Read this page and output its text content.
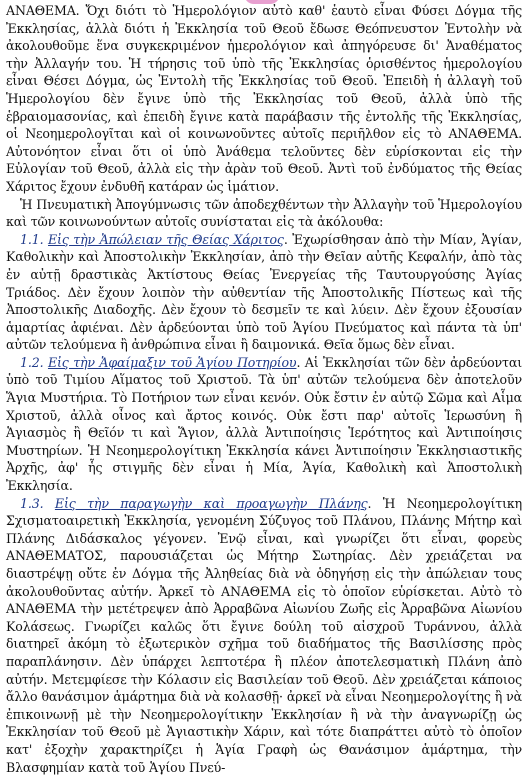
ΑΝΑΘΕΜΑ. Ὄχι διότι τὸ Ἡμερολόγιον αὐτὸ καθ' ἑαυτὸ εἶναι Φύσει Δόγμα τῆς Ἐκκλησίας, ἀλλὰ διότι ἡ Ἐκκλησία τοῦ Θεοῦ ἔδωσε Θεόπνευστον Ἐντολὴν νὰ ἀκολουθοῦμε ἕνα συγκεκριμένον ἡμερολόγιον καὶ ἀπηγόρευσε δι' Ἀναθέματος τὴν Ἀλλαγήν του. Ἡ τήρησις τοῦ ὑπὸ τῆς Ἐκκλησίας ὁρισθέντος ἡμερολογίου εἶναι Θέσει Δόγμα, ὡς Ἐντολὴ τῆς Ἐκκλησίας τοῦ Θεοῦ. Ἐπειδὴ ἡ ἀλλαγὴ τοῦ Ἡμερολογίου δὲν ἔγινε ὑπὸ τῆς Ἐκκλησίας τοῦ Θεοῦ, ἀλλὰ ὑπὸ τῆς ἑβραιομασονίας, καὶ ἐπειδὴ ἔγινε κατὰ παράβασιν τῆς ἐντολῆς τῆς Ἐκκλησίας, οἱ Νεοημερολογῖται καὶ οἱ κοινωνοῦντες αὐτοῖς περιῆλθον εἰς τὸ ΑΝΑΘΕΜΑ. Αὐτονόητον εἶναι ὅτι οἱ ὑπὸ Ἀνάθεμα τελοῦντες δὲν εὑρίσκονται εἰς τὴν Εὐλογίαν τοῦ Θεοῦ, ἀλλὰ εἰς τὴν ἀρὰν τοῦ Θεοῦ. Ἀντὶ τοῦ ἐνδύματος τῆς Θείας Χάριτος ἔχουν ἐνδυθῆ κατάραν ὡς ἱμάτιον.

Ἡ Πνευματικὴ Ἀπογύμνωσις τῶν ἀποδεχθέντων τὴν Ἀλλαγὴν τοῦ Ἡμερολογίου καὶ τῶν κοινωνούντων αὐτοῖς συνίσταται εἰς τὰ ἀκόλουθα:

1.1. Εἰς τὴν Ἀπώλειαν τῆς Θείας Χάριτος. Ἐχωρίσθησαν ἀπὸ τὴν Μίαν, Ἁγίαν, Καθολικὴν καὶ Ἀποστολικὴν Ἐκκλησίαν, ἀπὸ τὴν Θεῖαν αὐτῆς Κεφαλήν, ἀπὸ τὰς ἐν αὐτῇ δραστικὰς Ἀκτίστους Θείας Ἐνεργείας τῆς Ταυτουργούσης Ἁγίας Τριάδος. Δὲν ἔχουν λοιπὸν τὴν αὐθεντίαν τῆς Ἀποστολικῆς Πίστεως καὶ τῆς Ἀποστολικῆς Διαδοχῆς. Δὲν ἔχουν τὸ δεσμεῖν τε καὶ λύειν. Δὲν ἔχουν ἐξουσίαν ἁμαρτίας ἀφιέναι. Δὲν ἀρδεύονται ὑπὸ τοῦ Ἁγίου Πνεύματος καὶ πάντα τὰ ὑπ' αὐτῶν τελούμενα ἢ ἀνθρώπινα εἶναι ἢ δαιμονικά. Θεῖα ὅμως δὲν εἶναι.

1.2. Εἰς τὴν Ἀφαίμαξιν τοῦ Ἁγίου Ποτηρίου. Αἱ Ἐκκλησίαι τῶν δὲν ἀρδεύονται ὑπὸ τοῦ Τιμίου Αἵματος τοῦ Χριστοῦ. Τὰ ὑπ' αὐτῶν τελούμενα δὲν ἀποτελοῦν Ἅγια Μυστήρια. Τὸ Ποτήριον των εἶναι κενόν. Οὐκ ἔστιν ἐν αὐτῷ Σῶμα καὶ Αἷμα Χριστοῦ, ἀλλὰ οἶνος καὶ ἄρτος κοινός. Οὐκ ἔστι παρ' αὐτοῖς Ἱερωσύνη ἢ Ἁγιασμὸς ἢ Θεῖόν τι καὶ Ἅγιον, ἀλλὰ Ἀντιποίησις Ἱερότητος καὶ Ἀντιποίησις Μυστηρίων. Ἡ Νεοημερολογίτικη Ἐκκλησία κάνει Ἀντιποίησιν Ἐκκλησιαστικῆς Ἀρχῆς, ἀφ' ἧς στιγμῆς δὲν εἶναι ἡ Μία, Ἁγία, Καθολικὴ καὶ Ἀποστολικὴ Ἐκκλησία.

1.3. Εἰς τὴν παραγωγὴν καὶ προαγωγὴν Πλάνης. Ἡ Νεοημερολογίτικη Σχισματοαιρετικὴ Ἐκκλησία, γενομένη Σύζυγος τοῦ Πλάνου, Πλάνης Μήτηρ καὶ Πλάνης Διδάσκαλος γέγονεν. Ἐνῷ εἶναι, καὶ γνωρίζει ὅτι εἶναι, φορεὺς ΑΝΑΘΕΜΑΤΟΣ, παρουσιάζεται ὡς Μήτηρ Σωτηρίας. Δὲν χρειάζεται να διαστρέψῃ οὔτε ἐν Δόγμα τῆς Ἀληθείας διὰ νὰ ὁδηγήσῃ εἰς τὴν ἀπώλειαν τους ἀκολουθοῦντας αὐτήν. Ἀρκεῖ τὸ ΑΝΑΘΕΜΑ εἰς τὸ ὁποῖον εὑρίσκεται. Αὐτὸ τὸ ΑΝΑΘΕΜΑ τὴν μετέτρεψεν ἀπὸ Ἀρραβῶνα Αἰωνίου Ζωῆς εἰς Ἀρραβῶνα Αἰωνίου Κολάσεως. Γνωρίζει καλῶς ὅτι ἔγινε δούλη τοῦ αἰσχροῦ Τυράννου, ἀλλὰ διατηρεῖ ἀκόμη τὸ ἐξωτερικὸν σχῆμα τοῦ διαδήματος τῆς Βασιλίσσης πρὸς παραπλάνησιν. Δὲν ὑπάρχει λεπτοτέρα ἢ πλέον ἀποτελεσματικὴ Πλάνη ἀπὸ αὐτήν. Μετεμφίεσε τὴν Κόλασιν εἰς Βασιλείαν τοῦ Θεοῦ. Δὲν χρειάζεται κάποιος ἄλλο θανάσιμον ἁμάρτημα διὰ νὰ κολασθῇ· ἀρκεῖ νὰ εἶναι Νεοημερολογίτης ἢ νὰ ἐπικοινωνῇ μὲ τὴν Νεοημερολογίτικην Ἐκκλησίαν ἢ νὰ τὴν ἀναγνωρίζῃ ὡς Ἐκκλησίαν τοῦ Θεοῦ μὲ Ἁγιαστικὴν Χάριν, καὶ τότε διαπράττει αὐτὸ τὸ ὁποῖον κατ' ἐξοχὴν χαρακτηρίζει ἡ Ἁγία Γραφὴ ὡς Θανάσιμον ἁμάρτημα, τὴν Βλασφημίαν κατὰ τοῦ Ἁγίου Πνεύ-
